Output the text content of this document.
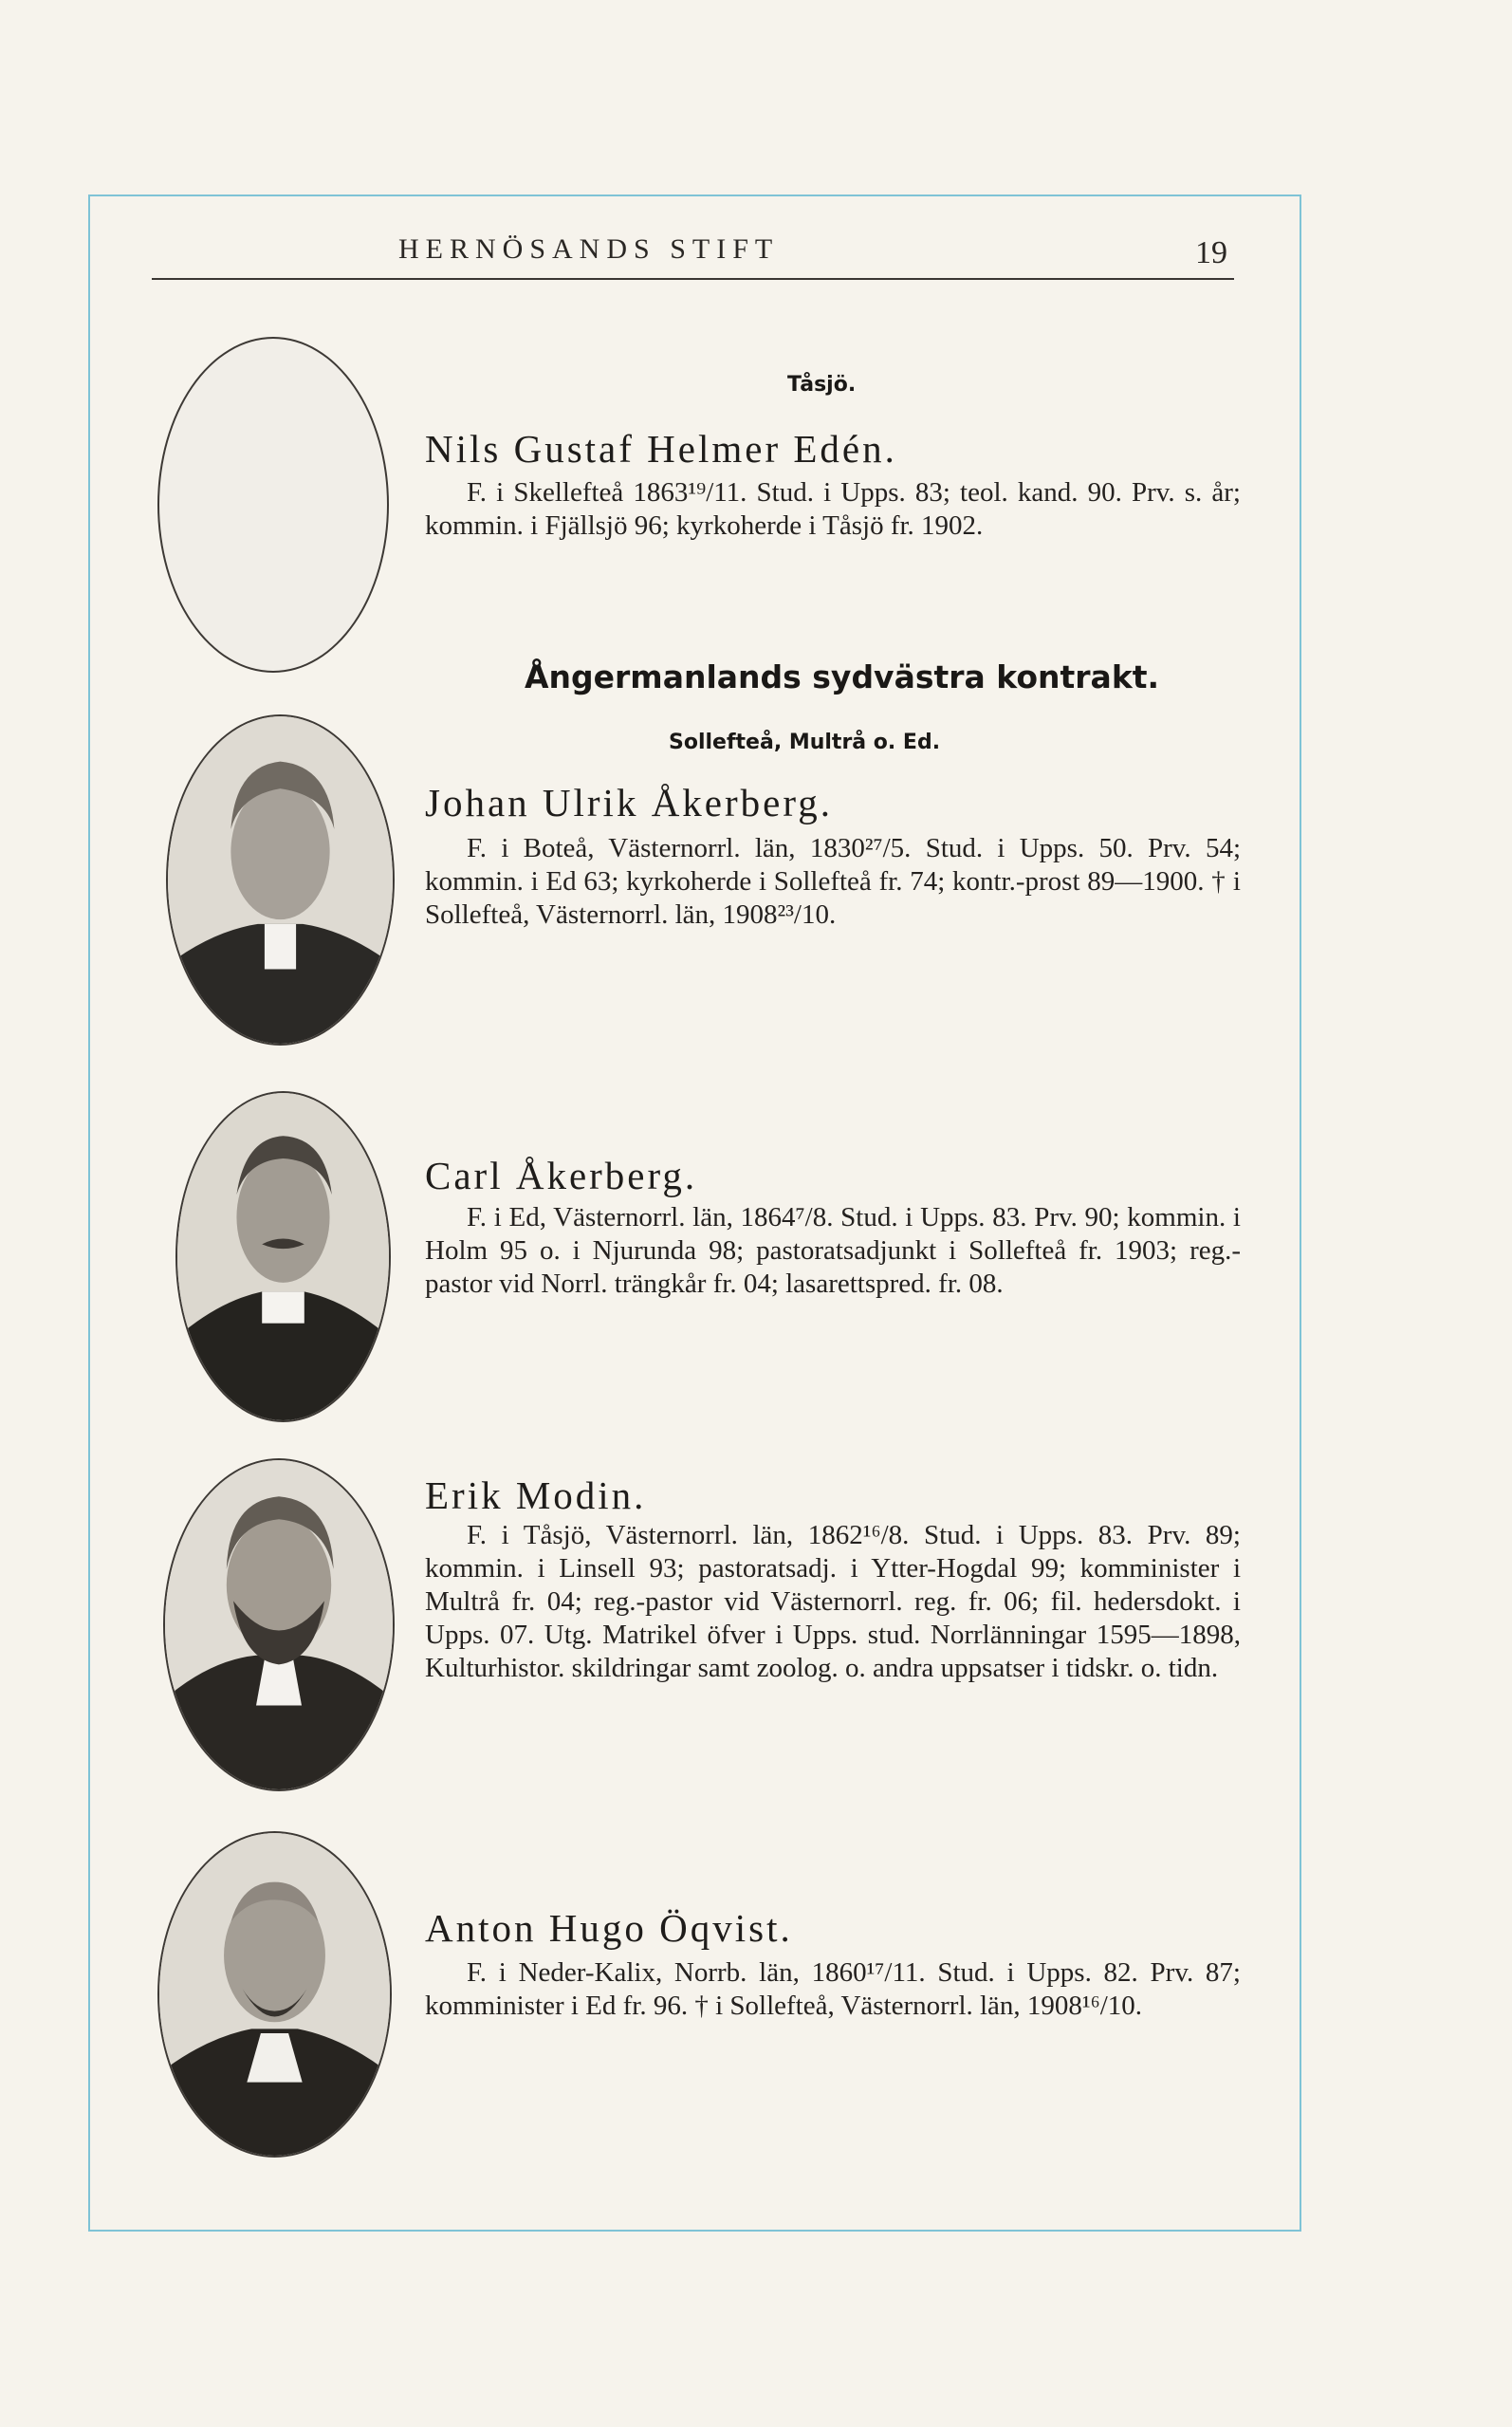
HERNÖSANDS STIFT	19
Tåsjö.
Ångermanlands sydvästra kontrakt.
Sollefteå, Multrå o. Ed.
Nils Gustaf Helmer Edén.

F. i Skellefteå 1863¹⁹/11. Stud. i Upps. 83; teol. kand. 90. Prv. s. år; kommin. i Fjällsjö 96; kyrkoherde i Tåsjö fr. 1902.

Johan Ulrik Åkerberg.

F. i Boteå, Västernorrl. län, 1830²⁷/5. Stud. i Upps. 50. Prv. 54; kommin. i Ed 63; kyrkoherde i Sollefteå fr. 74; kontr.-prost 89—1900. † i Sollefteå, Västernorrl. län, 1908²³/10.

Carl Åkerberg.

F. i Ed, Västernorrl. län, 1864⁷/8. Stud. i Upps. 83. Prv. 90; kommin. i Holm 95 o. i Njurunda 98; pastoratsadjunkt i Sollefteå fr. 1903; reg.-pastor vid Norrl. trängkår fr. 04; lasarettspred. fr. 08.

Erik Modin.

F. i Tåsjö, Västernorrl. län, 1862¹⁶/8. Stud. i Upps. 83. Prv. 89; kommin. i Linsell 93; pastoratsadj. i Ytter-Hogdal 99; komminister i Multrå fr. 04; reg.-pastor vid Västernorrl. reg. fr. 06; fil. hedersdokt. i Upps. 07. Utg. Matrikel öfver i Upps. stud. Norrlänningar 1595—1898, Kulturhistor. skildringar samt zoolog. o. andra uppsatser i tidskr. o. tidn.

Anton Hugo Öqvist.

F. i Neder-Kalix, Norrb. län, 1860¹⁷/11. Stud. i Upps. 82. Prv. 87; komminister i Ed fr. 96. † i Sollefteå, Västernorrl. län, 1908¹⁶/10.
